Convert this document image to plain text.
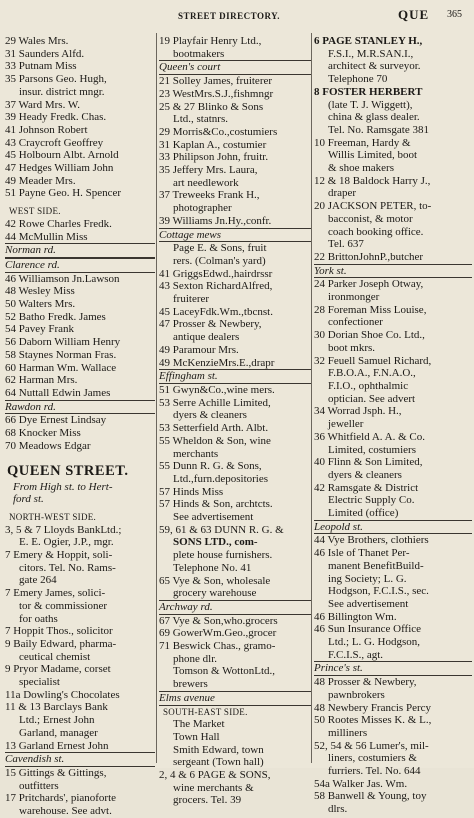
STREET DIRECTORY.	QUE 365
29 Wales Mrs.
31 Saunders Alfd.
33 Putnam Miss
35 Parsons Geo. Hugh,
insur. district mngr.
37 Ward Mrs. W.
39 Heady Fredk. Chas.
41 Johnson Robert
43 Craycroft Geoffrey
45 Holbourn Albt. Arnold
47 Hedges William John
49 Meader Mrs.
51 Payne Geo. H. Spencer
WEST SIDE.
42 Rowe Charles Fredk.
44 McMullin Miss
Norman rd.
Clarence rd.
46 Williamson Jn.Lawson
48 Wesley Miss
50 Walters Mrs.
52 Batho Fredk. James
54 Pavey Frank
56 Daborn William Henry
58 Staynes Norman Fras.
60 Harman Wm. Wallace
62 Harman Mrs.
64 Nuttall Edwin James
Rawdon rd.
66 Dye Ernest Lindsay
68 Knocker Miss
70 Meadows Edgar
QUEEN STREET.
From High st. to Hert-
ford st.
NORTH-WEST SIDE.
3, 5 & 7 Lloyds BankLtd.;
E. E. Ogier, J.P., mgr.
7 Emery & Hoppit, soli-
citors. Tel. No. Rams-
gate 264
7 Emery James, solici-
tor & commissioner
for oaths
7 Hoppit Thos., solicitor
9 Baily Edward, pharma-
ceutical chemist
9 Pryor Madame, corset
specialist
11a Dowling's Chocolates
11 & 13 Barclays Bank
Ltd.; Ernest John
Garland, manager
13 Garland Ernest John
Cavendish st.
15 Gittings & Gittings,
outfitters
17 Pritchards', pianoforte
warehouse. See advt.
19 Playfair Henry Ltd.,
bootmakers
Queen's court
21 Solley James, fruiterer
23 WestMrs.S.J.,fishmngr
25 & 27 Blinko & Sons
Ltd., statnrs.
29 Morris&Co.,costumiers
31 Kaplan A., costumier
33 Philipson John, fruitr.
35 Jeffery Mrs. Laura,
art needlework
37 Treweeks Frank H.,
photographer
39 Williams Jn.Hy.,confr.
Cottage mews
Page E. & Sons, fruit
rers. (Colman's yard)
41 GriggsEdwd.,hairdrssr
43 Sexton RichardAlfred,
fruiterer
45 LaceyFdk.Wm.,tbcnst.
47 Prosser & Newbery,
antique dealers
49 Paramour Mrs.
49 McKenzieMrs.E.,drapr
Effingham st.
51 Gwyn&Co.,wine mers.
53 Serre Achille Limited,
dyers & cleaners
53 Setterfield Arth. Albt.
55 Wheldon & Son, wine
merchants
55 Dunn R. G. & Sons,
Ltd.,furn.depositories
57 Hinds Miss
57 Hinds & Son, archtcts.
See advertisement
59, 61 & 63 DUNN R. G. &
SONS LTD., com-
plete house furnishers.
Telephone No. 41
65 Vye & Son, wholesale
grocery warehouse
Archway rd.
67 Vye & Son,who.grocers
69 GowerWm.Geo.,grocer
71 Beswick Chas., gramo-
phone dlr.
Tomson & WottonLtd.,
brewers
Elms avenue
SOUTH-EAST SIDE.
The Market
Town Hall
Smith Edward, town
sergeant (Town hall)
2, 4 & 6 PAGE & SONS,
wine merchants &
grocers. Tel. 39
6 PAGE STANLEY H.,
F.S.I., M.R.SAN.I.,
architect & surveyor.
Telephone 70
8 FOSTER HERBERT
(late T. J. Wiggett),
china & glass dealer.
Tel. No. Ramsgate 381
10 Freeman, Hardy &
Willis Limited, boot
& shoe makers
12 & 18 Baldock Harry J.,
draper
20 JACKSON PETER, to-
bacconist, & motor
coach booking office.
Tel. 637
22 BrittonJohnP.,butcher
York st.
24 Parker Joseph Otway,
ironmonger
28 Foreman Miss Louise,
confectioner
30 Dorian Shoe Co. Ltd.,
boot mkrs.
32 Feuell Samuel Richard,
F.B.O.A., F.N.A.O.,
F.I.O., ophthalmic
optician. See advert
34 Worrad Jsph. H.,
jeweller
36 Whitfield A. A. & Co.
Limited, costumiers
40 Flinn & Son Limited,
dyers & cleaners
42 Ramsgate & District
Electric Supply Co.
Limited (office)
Leopold st.
44 Vye Brothers, clothiers
46 Isle of Thanet Per-
manent BenefitBuild-
ing Society; L. G.
Hodgson, F.C.I.S., sec.
See advertisement
46 Billington Wm.
46 Sun Insurance Office
Ltd.; L. G. Hodgson,
F.C.I.S., agt.
Prince's st.
48 Prosser & Newbery,
pawnbrokers
48 Newbery Francis Percy
50 Rootes Misses K. & L.,
milliners
52, 54 & 56 Lumer's, mil-
liners, costumiers &
furriers. Tel. No. 644
54a Walker Jas. Wm.
58 Banwell & Young, toy
dlrs.
